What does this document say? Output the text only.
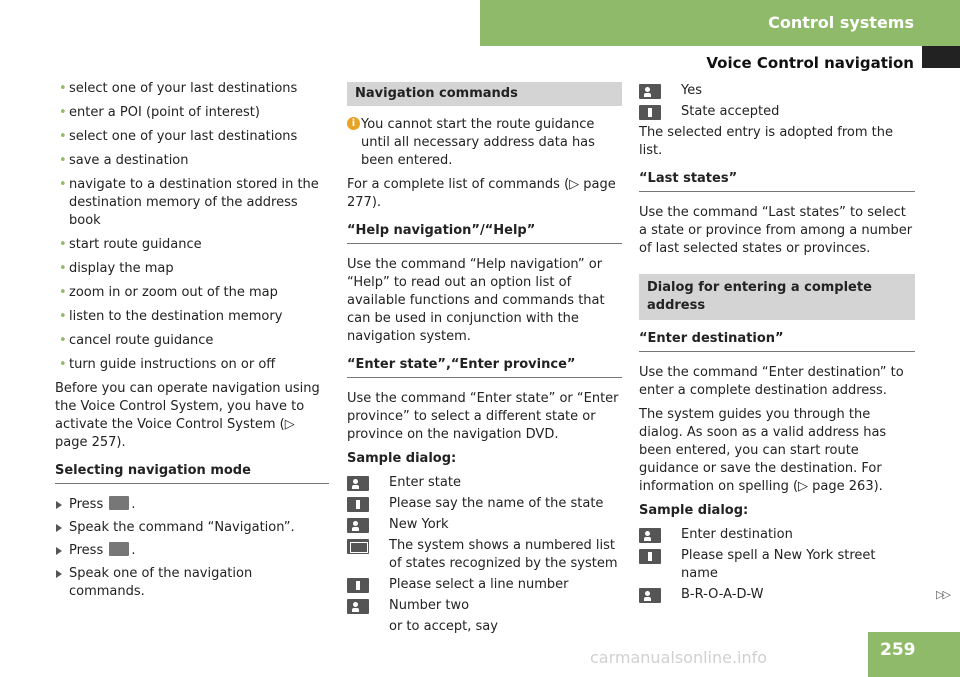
Control systems
Voice Control navigation
• select one of your last destinations
• enter a POI (point of interest)
• select one of your last destinations
• save a destination
• navigate to a destination stored in the destination memory of the address book
• start route guidance
• display the map
• zoom in or zoom out of the map
• listen to the destination memory
• cancel route guidance
• turn guide instructions on or off

Before you can operate navigation using the Voice Control System, you have to activate the Voice Control System (▷ page 257).

Selecting navigation mode
Press .
Speak the command “Navigation”.
Press .
Speak one of the navigation commands.
Navigation commands

i You cannot start the route guidance until all necessary address data has been entered.

For a complete list of commands (▷ page 277).

“Help navigation”/“Help”

Use the command “Help navigation” or “Help” to read out an option list of available functions and commands that can be used in conjunction with the navigation system.

“Enter state”,“Enter province”

Use the command “Enter state” or “Enter province” to select a different state or province on the navigation DVD.

Sample dialog:

Enter state
Please say the name of the state
New York
The system shows a numbered list of states recognized by the system
Please select a line number
Number two
or to accept, say
Yes
State accepted

The selected entry is adopted from the list.

“Last states”

Use the command “Last states” to select a state or province from among a number of last selected states or provinces.

Dialog for entering a complete address
“Enter destination”

Use the command “Enter destination” to enter a complete destination address.

The system guides you through the dialog. As soon as a valid address has been entered, you can start route guidance or save the destination. For information on spelling (▷ page 263).

Sample dialog:

Enter destination
Please spell a New York street name
B-R-O-A-D-W	▷▷
259
carmanualsonline.info
